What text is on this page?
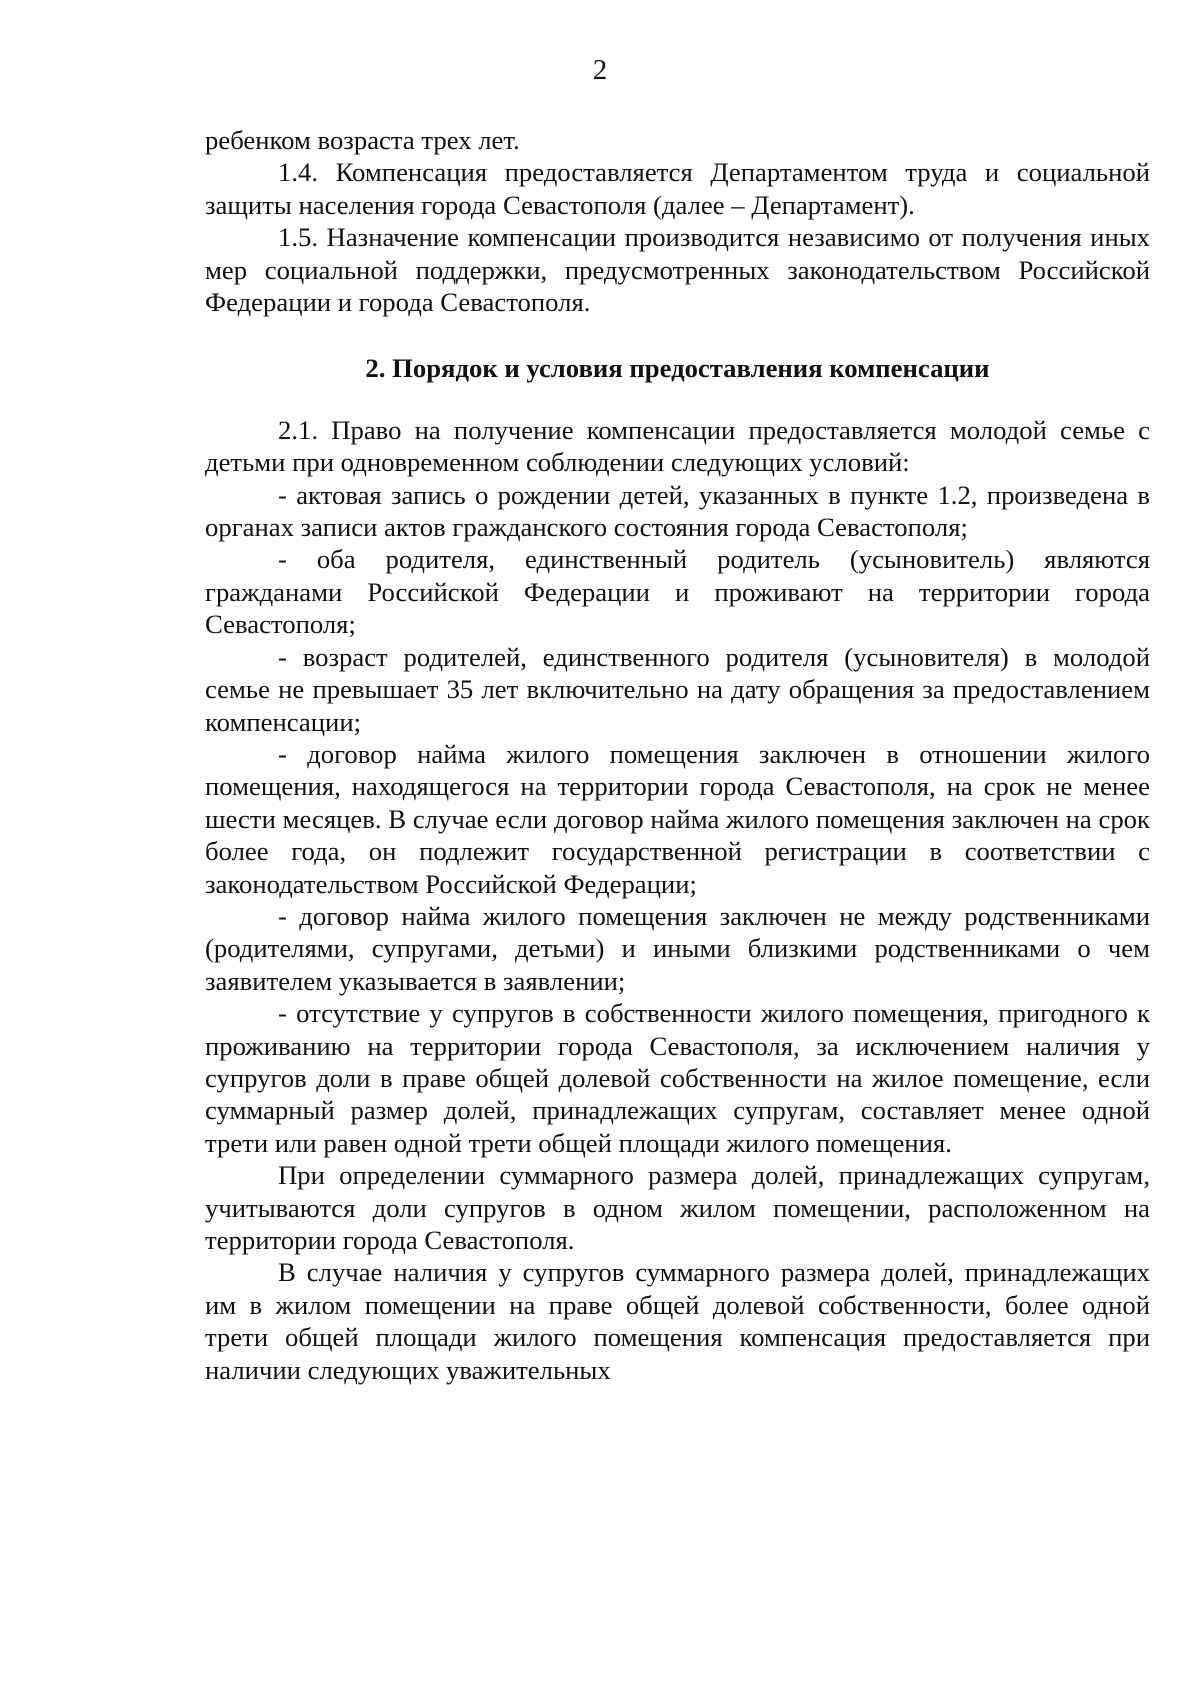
2

ребенком возраста трех лет.

1.4. Компенсация предоставляется Департаментом труда и социальной защиты населения города Севастополя (далее – Департамент).

1.5. Назначение компенсации производится независимо от получения иных мер социальной поддержки, предусмотренных законодательством Российской Федерации и города Севастополя.

2. Порядок и условия предоставления компенсации

2.1. Право на получение компенсации предоставляется молодой семье с детьми при одновременном соблюдении следующих условий:

- актовая запись о рождении детей, указанных в пункте 1.2, произведена в органах записи актов гражданского состояния города Севастополя;

- оба родителя, единственный родитель (усыновитель) являются гражданами Российской Федерации и проживают на территории города Севастополя;

- возраст родителей, единственного родителя (усыновителя) в молодой семье не превышает 35 лет включительно на дату обращения за предоставлением компенсации;

- договор найма жилого помещения заключен в отношении жилого помещения, находящегося на территории города Севастополя, на срок не менее шести месяцев. В случае если договор найма жилого помещения заключен на срок более года, он подлежит государственной регистрации в соответствии с законодательством Российской Федерации;

- договор найма жилого помещения заключен не между родственниками (родителями, супругами, детьми) и иными близкими родственниками о чем заявителем указывается в заявлении;

- отсутствие у супругов в собственности жилого помещения, пригодного к проживанию на территории города Севастополя, за исключением наличия у супругов доли в праве общей долевой собственности на жилое помещение, если суммарный размер долей, принадлежащих супругам, составляет менее одной трети или равен одной трети общей площади жилого помещения.

При определении суммарного размера долей, принадлежащих супругам, учитываются доли супругов в одном жилом помещении, расположенном на территории города Севастополя.

В случае наличия у супругов суммарного размера долей, принадлежащих им в жилом помещении на праве общей долевой собственности, более одной трети общей площади жилого помещения компенсация предоставляется при наличии следующих уважительных
